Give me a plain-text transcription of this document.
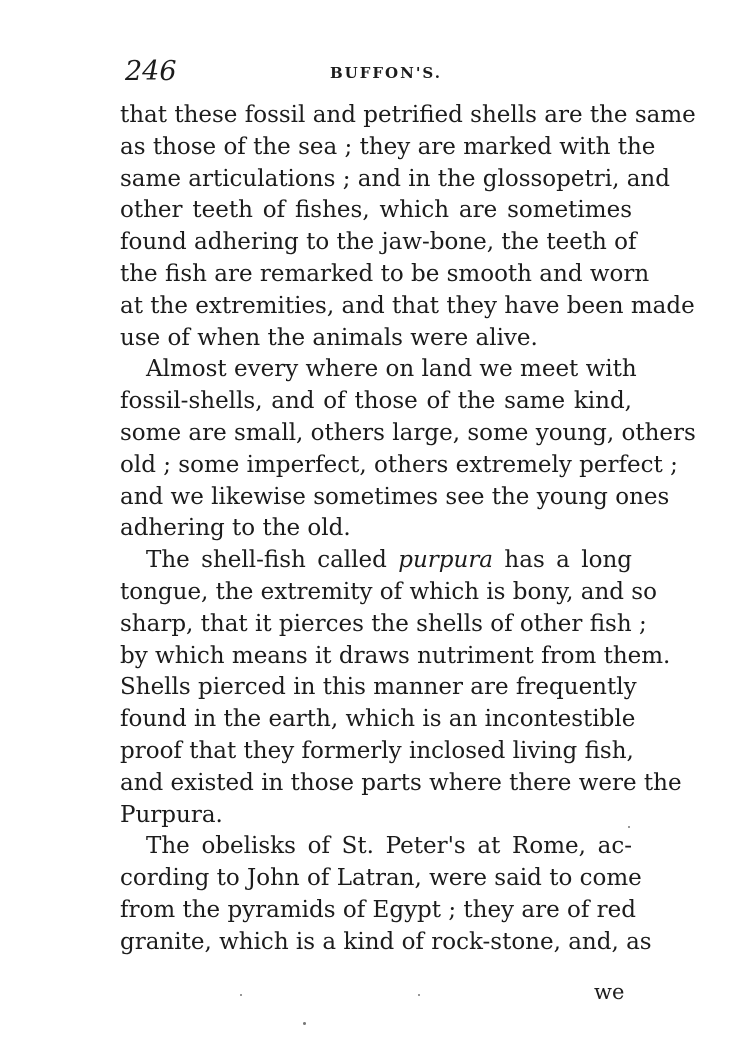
246	BUFFON'S.
that these fossil and petrified shells are the same
as those of the sea ; they are marked with the
same articulations ; and in the glossopetri, and
other teeth of fishes, which are sometimes
found adhering to the jaw-bone, the teeth of
the fish are remarked to be smooth and worn
at the extremities, and that they have been made
use of when the animals were alive.
Almost every where on land we meet with
fossil-shells, and of those of the same kind,
some are small, others large, some young, others
old ; some imperfect, others extremely perfect ;
and we likewise sometimes see the young ones
adhering to the old.
The shell-fish called purpura has a long
tongue, the extremity of which is bony, and so
sharp, that it pierces the shells of other fish ;
by which means it draws nutriment from them.
Shells pierced in this manner are frequently
found in the earth, which is an incontestible
proof that they formerly inclosed living fish,
and existed in those parts where there were the
Purpura.
The obelisks of St. Peter's at Rome, ac-
cording to John of Latran, were said to come
from the pyramids of Egypt ; they are of red
granite, which is a kind of rock-stone, and, as
we
